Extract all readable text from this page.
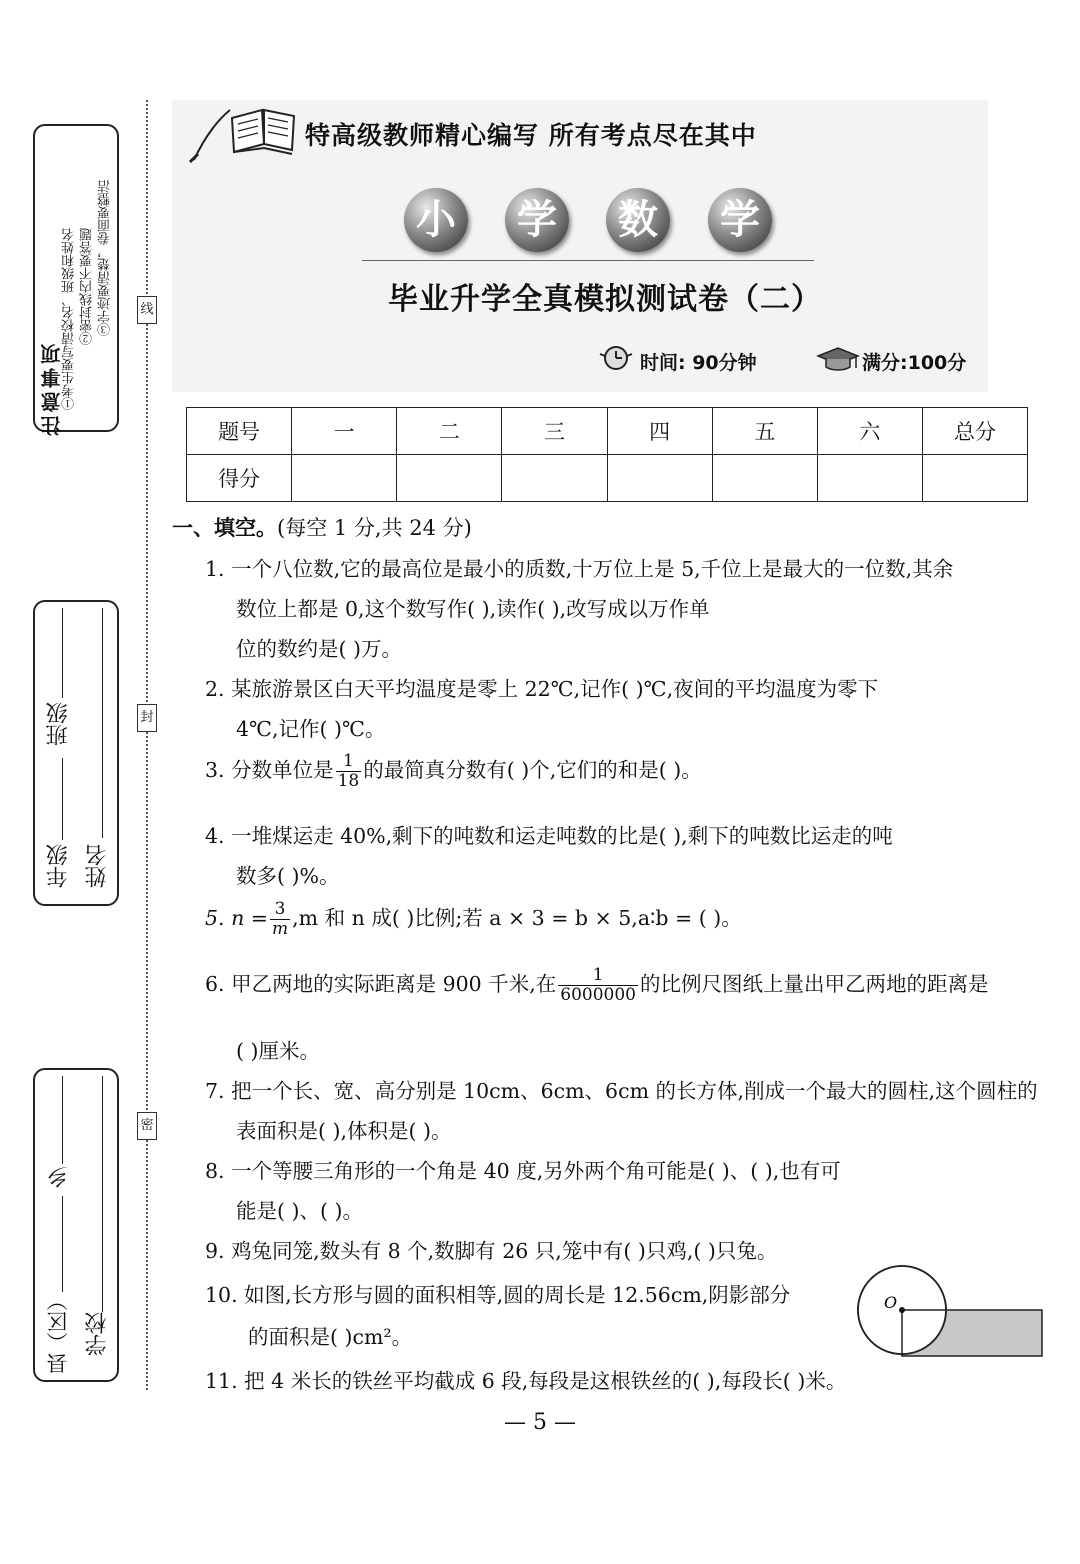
注意事项
①考生要写清校名、班级和姓名 ②密封线内不要答题 ③字迹要清楚，卷面要整洁
班级
年级 姓名
乡
县（区） 学校
线
封
密
特高级教师精心编写 所有考点尽在其中
小	学	数	学
毕业升学全真模拟测试卷（二）
时间: 90分钟	满分:100分
题号	一	二	三	四	五	六	总分
得分							
一、填空。(每空 1 分,共 24 分)
1. 一个八位数,它的最高位是最小的质数,十万位上是 5,千位上是最大的一位数,其余
数位上都是 0,这个数写作( ),读作( ),改写成以万作单
位的数约是( )万。
2. 某旅游景区白天平均温度是零上 22℃,记作( )℃,夜间的平均温度为零下
4℃,记作( )℃。
3. 分数单位是 $\frac{1}{18}$ 的最简真分数有( )个,它们的和是( )。
4. 一堆煤运走 40%,剩下的吨数和运走吨数的比是( ),剩下的吨数比运走的吨
数多( )%。
5. $n = \frac{3}{m} ,m$ 和 n 成( )比例;若 a × 3 = b × 5,a∶b = ( )。
6. 甲乙两地的实际距离是 900 千米,在 $\frac{1}{6000000}$ 的比例尺图纸上量出甲乙两地的距离是
( )厘米。
7. 把一个长、宽、高分别是 10cm、6cm、6cm 的长方体,削成一个最大的圆柱,这个圆柱的
表面积是( ),体积是( )。
8. 一个等腰三角形的一个角是 40 度,另外两个角可能是( )、( ),也有可
能是( )、( )。
9. 鸡兔同笼,数头有 8 个,数脚有 26 只,笼中有( )只鸡,( )只兔。
10. 如图,长方形与圆的面积相等,圆的周长是 12.56cm,阴影部分
的面积是( )cm²。
O
11. 把 4 米长的铁丝平均截成 6 段,每段是这根铁丝的( ),每段长( )米。
— 5 —
